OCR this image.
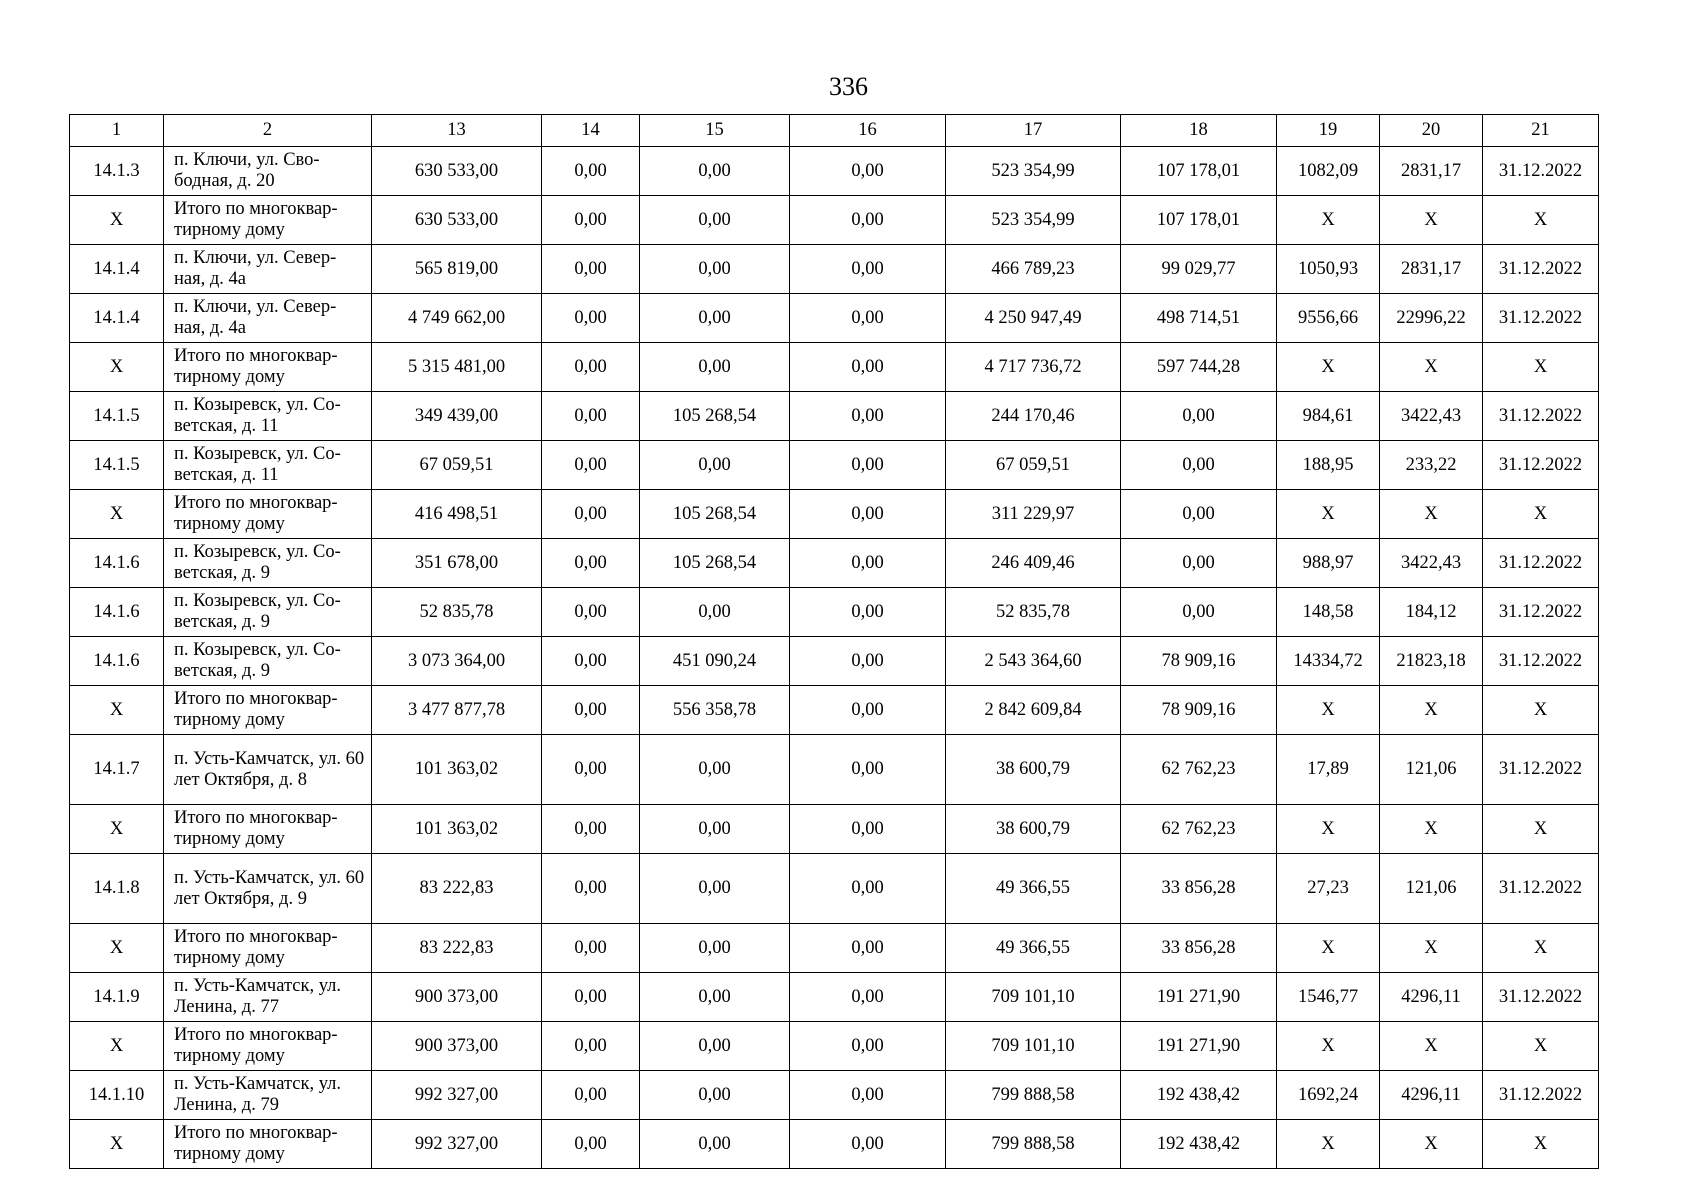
336
1	2	13	14	15	16	17	18	19	20	21
14.1.3	п. Ключи, ул. Сво-бодная, д. 20	630 533,00	0,00	0,00	0,00	523 354,99	107 178,01	1082,09	2831,17	31.12.2022
Х	Итого по многоквар-тирному дому	630 533,00	0,00	0,00	0,00	523 354,99	107 178,01	Х	Х	Х
14.1.4	п. Ключи, ул. Север-ная, д. 4а	565 819,00	0,00	0,00	0,00	466 789,23	99 029,77	1050,93	2831,17	31.12.2022
14.1.4	п. Ключи, ул. Север-ная, д. 4а	4 749 662,00	0,00	0,00	0,00	4 250 947,49	498 714,51	9556,66	22996,22	31.12.2022
Х	Итого по многоквар-тирному дому	5 315 481,00	0,00	0,00	0,00	4 717 736,72	597 744,28	Х	Х	Х
14.1.5	п. Козыревск, ул. Со-ветская, д. 11	349 439,00	0,00	105 268,54	0,00	244 170,46	0,00	984,61	3422,43	31.12.2022
14.1.5	п. Козыревск, ул. Со-ветская, д. 11	67 059,51	0,00	0,00	0,00	67 059,51	0,00	188,95	233,22	31.12.2022
Х	Итого по многоквар-тирному дому	416 498,51	0,00	105 268,54	0,00	311 229,97	0,00	Х	Х	Х
14.1.6	п. Козыревск, ул. Со-ветская, д. 9	351 678,00	0,00	105 268,54	0,00	246 409,46	0,00	988,97	3422,43	31.12.2022
14.1.6	п. Козыревск, ул. Со-ветская, д. 9	52 835,78	0,00	0,00	0,00	52 835,78	0,00	148,58	184,12	31.12.2022
14.1.6	п. Козыревск, ул. Со-ветская, д. 9	3 073 364,00	0,00	451 090,24	0,00	2 543 364,60	78 909,16	14334,72	21823,18	31.12.2022
Х	Итого по многоквар-тирному дому	3 477 877,78	0,00	556 358,78	0,00	2 842 609,84	78 909,16	Х	Х	Х
14.1.7	п. Усть-Камчатск, ул. 60 лет Октября, д. 8	101 363,02	0,00	0,00	0,00	38 600,79	62 762,23	17,89	121,06	31.12.2022
Х	Итого по многоквар-тирному дому	101 363,02	0,00	0,00	0,00	38 600,79	62 762,23	Х	Х	Х
14.1.8	п. Усть-Камчатск, ул. 60 лет Октября, д. 9	83 222,83	0,00	0,00	0,00	49 366,55	33 856,28	27,23	121,06	31.12.2022
Х	Итого по многоквар-тирному дому	83 222,83	0,00	0,00	0,00	49 366,55	33 856,28	Х	Х	Х
14.1.9	п. Усть-Камчатск, ул. Ленина, д. 77	900 373,00	0,00	0,00	0,00	709 101,10	191 271,90	1546,77	4296,11	31.12.2022
Х	Итого по многоквар-тирному дому	900 373,00	0,00	0,00	0,00	709 101,10	191 271,90	Х	Х	Х
14.1.10	п. Усть-Камчатск, ул. Ленина, д. 79	992 327,00	0,00	0,00	0,00	799 888,58	192 438,42	1692,24	4296,11	31.12.2022
Х	Итого по многоквар-тирному дому	992 327,00	0,00	0,00	0,00	799 888,58	192 438,42	Х	Х	Х
